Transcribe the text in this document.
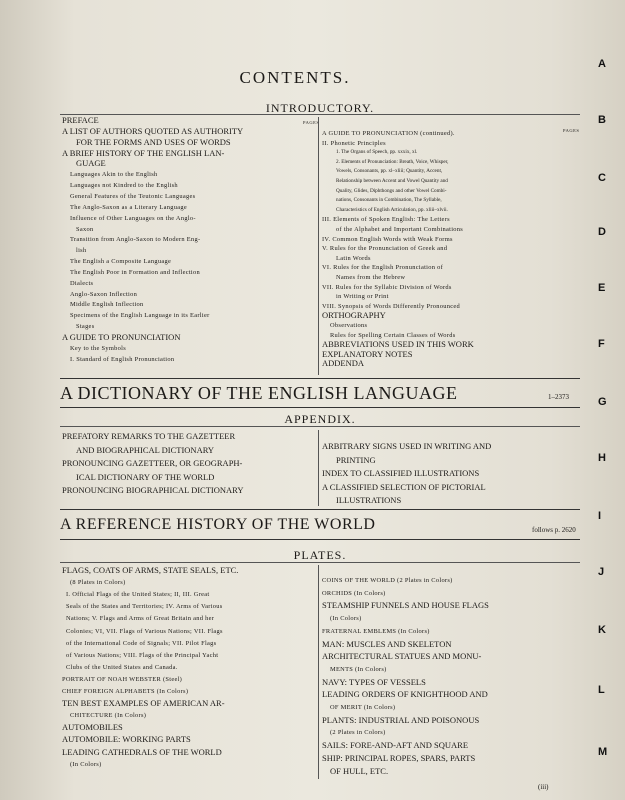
A
B
C
D
E
F
G
H
I
J
K
L
M
CONTENTS.
INTRODUCTORY.
PAGES
PAGES
PREFACE
A LIST OF AUTHORS QUOTED AS AUTHORITY
FOR THE FORMS AND USES OF WORDS
A BRIEF HISTORY OF THE ENGLISH LAN-
GUAGE
Languages Akin to the English
Languages not Kindred to the English
General Features of the Teutonic Languages
The Anglo-Saxon as a Literary Language
Influence of Other Languages on the Anglo-
Saxon
Transition from Anglo-Saxon to Modern Eng-
lish
The English a Composite Language
The English Poor in Formation and Inflection
Dialects
Anglo-Saxon Inflection
Middle English Inflection
Specimens of the English Language in its Earlier
Stages
A GUIDE TO PRONUNCIATION
Key to the Symbols
I. Standard of English Pronunciation
A GUIDE TO PRONUNCIATION (continued).
II. Phonetic Principles
1. The Organs of Speech, pp. xxxix, xl.
2. Elements of Pronunciation: Breath, Voice, Whisper,
Vowels, Consonants, pp. xl–xliii; Quantity, Accent,
Relationship between Accent and Vowel Quantity and
Quality, Glides, Diphthongs and other Vowel Combi-
nations, Consonants in Combination, The Syllable,
Characteristics of English Articulation, pp. xliii–xlvii.
III. Elements of Spoken English: The Letters
of the Alphabet and Important Combinations
IV. Common English Words with Weak Forms
V. Rules for the Pronunciation of Greek and
Latin Words
VI. Rules for the English Pronunciation of
Names from the Hebrew
VII. Rules for the Syllabic Division of Words
in Writing or Print
VIII. Synopsis of Words Differently Pronounced
ORTHOGRAPHY
Observations
Rules for Spelling Certain Classes of Words
ABBREVIATIONS USED IN THIS WORK
EXPLANATORY NOTES
ADDENDA
A DICTIONARY OF THE ENGLISH LANGUAGE	1–2373
APPENDIX.
PREFATORY REMARKS TO THE GAZETTEER
AND BIOGRAPHICAL DICTIONARY
PRONOUNCING GAZETTEER, OR GEOGRAPH-
ICAL DICTIONARY OF THE WORLD
PRONOUNCING BIOGRAPHICAL DICTIONARY
ARBITRARY SIGNS USED IN WRITING AND
PRINTING
INDEX TO CLASSIFIED ILLUSTRATIONS
A CLASSIFIED SELECTION OF PICTORIAL
ILLUSTRATIONS
A REFERENCE HISTORY OF THE WORLD	follows p. 2620
PLATES.
FLAGS, COATS OF ARMS, STATE SEALS, ETC.
(8 Plates in Colors)
I. Official Flags of the United States; II, III. Great
Seals of the States and Territories; IV. Arms of Various
Nations; V. Flags and Arms of Great Britain and her
Colonies; VI, VII. Flags of Various Nations; VII. Flags
of the International Code of Signals; VII. Pilot Flags
of Various Nations; VIII. Flags of the Principal Yacht
Clubs of the United States and Canada.
PORTRAIT OF NOAH WEBSTER (Steel)
CHIEF FOREIGN ALPHABETS (In Colors)
TEN BEST EXAMPLES OF AMERICAN AR-
CHITECTURE (In Colors)
AUTOMOBILES
AUTOMOBILE: WORKING PARTS
LEADING CATHEDRALS OF THE WORLD
(In Colors)
COINS OF THE WORLD (2 Plates in Colors)
ORCHIDS (In Colors)
STEAMSHIP FUNNELS AND HOUSE FLAGS
(In Colors)
FRATERNAL EMBLEMS (In Colors)
MAN: MUSCLES AND SKELETON
ARCHITECTURAL STATUES AND MONU-
MENTS (In Colors)
NAVY: TYPES OF VESSELS
LEADING ORDERS OF KNIGHTHOOD AND
OF MERIT (In Colors)
PLANTS: INDUSTRIAL AND POISONOUS
(2 Plates in Colors)
SAILS: FORE-AND-AFT AND SQUARE
SHIP: PRINCIPAL ROPES, SPARS, PARTS
OF HULL, ETC.
(iii)
